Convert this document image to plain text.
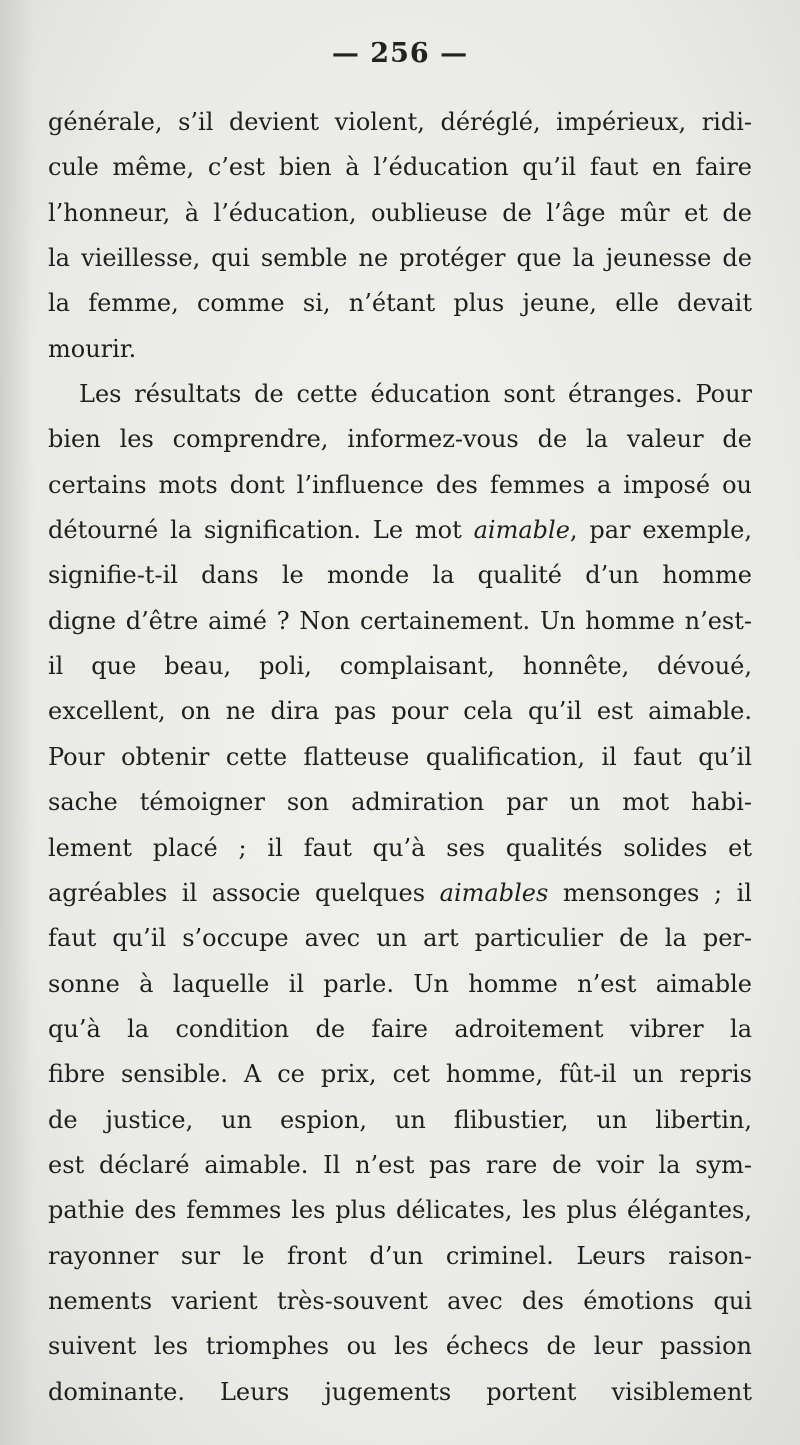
— 256 —
générale, s’il devient violent, déréglé, impérieux, ridi-
cule même, c’est bien à l’éducation qu’il faut en faire
l’honneur, à l’éducation, oublieuse de l’âge mûr et de
la vieillesse, qui semble ne protéger que la jeunesse de
la femme, comme si, n’étant plus jeune, elle devait
mourir.
Les résultats de cette éducation sont étranges. Pour
bien les comprendre, informez-vous de la valeur de
certains mots dont l’influence des femmes a imposé ou
détourné la signification. Le mot aimable, par exemple,
signifie-t-il dans le monde la qualité d’un homme
digne d’être aimé ? Non certainement. Un homme n’est-
il que beau, poli, complaisant, honnête, dévoué,
excellent, on ne dira pas pour cela qu’il est aimable.
Pour obtenir cette flatteuse qualification, il faut qu’il
sache témoigner son admiration par un mot habi-
lement placé ; il faut qu’à ses qualités solides et
agréables il associe quelques aimables mensonges ; il
faut qu’il s’occupe avec un art particulier de la per-
sonne à laquelle il parle. Un homme n’est aimable
qu’à la condition de faire adroitement vibrer la
fibre sensible. A ce prix, cet homme, fût-il un repris
de justice, un espion, un flibustier, un libertin,
est déclaré aimable. Il n’est pas rare de voir la sym-
pathie des femmes les plus délicates, les plus élégantes,
rayonner sur le front d’un criminel. Leurs raison-
nements varient très-souvent avec des émotions qui
suivent les triomphes ou les échecs de leur passion
dominante. Leurs jugements portent visiblement
